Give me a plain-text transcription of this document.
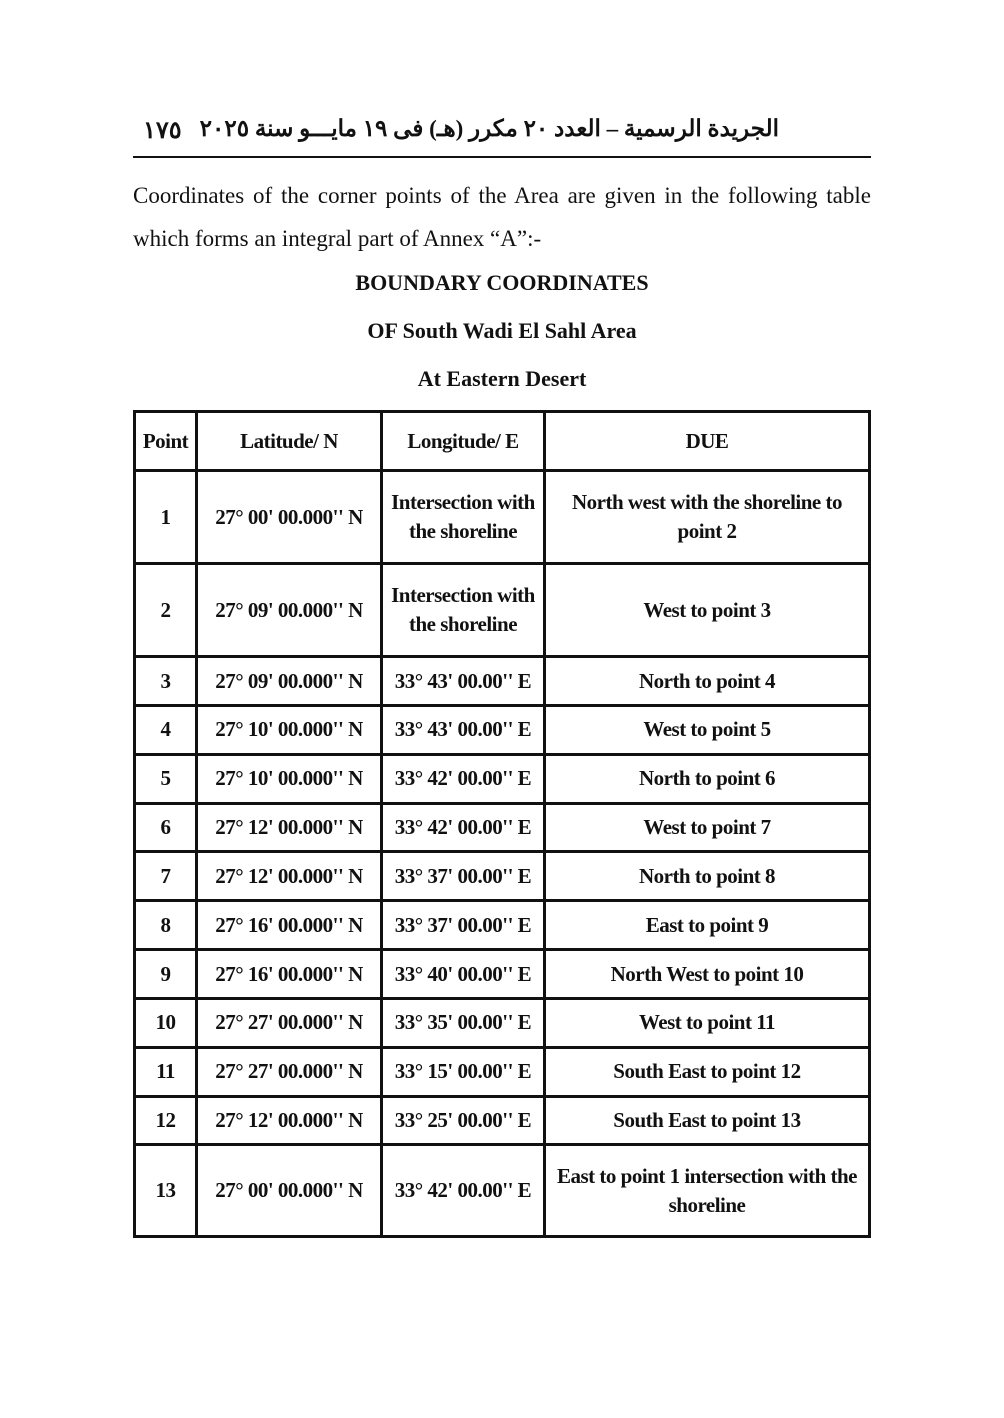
١٧٥ الجريدة الرسمية – العدد ٢٠ مكرر (هـ) فى ١٩ مايـــو سنة ٢٠٢٥

Coordinates of the corner points of the Area are given in the following table which forms an integral part of Annex “A”:-

BOUNDARY COORDINATES
OF South Wadi El Sahl Area
At Eastern Desert
Point	Latitude/ N	Longitude/ E	DUE
1	27° 00' 00.000'' N	Intersection with the shoreline	North west with the shoreline to point 2
2	27° 09' 00.000'' N	Intersection with the shoreline	West to point 3
3	27° 09' 00.000'' N	33° 43' 00.00'' E	North to point 4
4	27° 10' 00.000'' N	33° 43' 00.00'' E	West to point 5
5	27° 10' 00.000'' N	33° 42' 00.00'' E	North to point 6
6	27° 12' 00.000'' N	33° 42' 00.00'' E	West to point 7
7	27° 12' 00.000'' N	33° 37' 00.00'' E	North to point 8
8	27° 16' 00.000'' N	33° 37' 00.00'' E	East to point 9
9	27° 16' 00.000'' N	33° 40' 00.00'' E	North West to point 10
10	27° 27' 00.000'' N	33° 35' 00.00'' E	West to point 11
11	27° 27' 00.000'' N	33° 15' 00.00'' E	South East to point 12
12	27° 12' 00.000'' N	33° 25' 00.00'' E	South East to point 13
13	27° 00' 00.000'' N	33° 42' 00.00'' E	East to point 1 intersection with the shoreline
